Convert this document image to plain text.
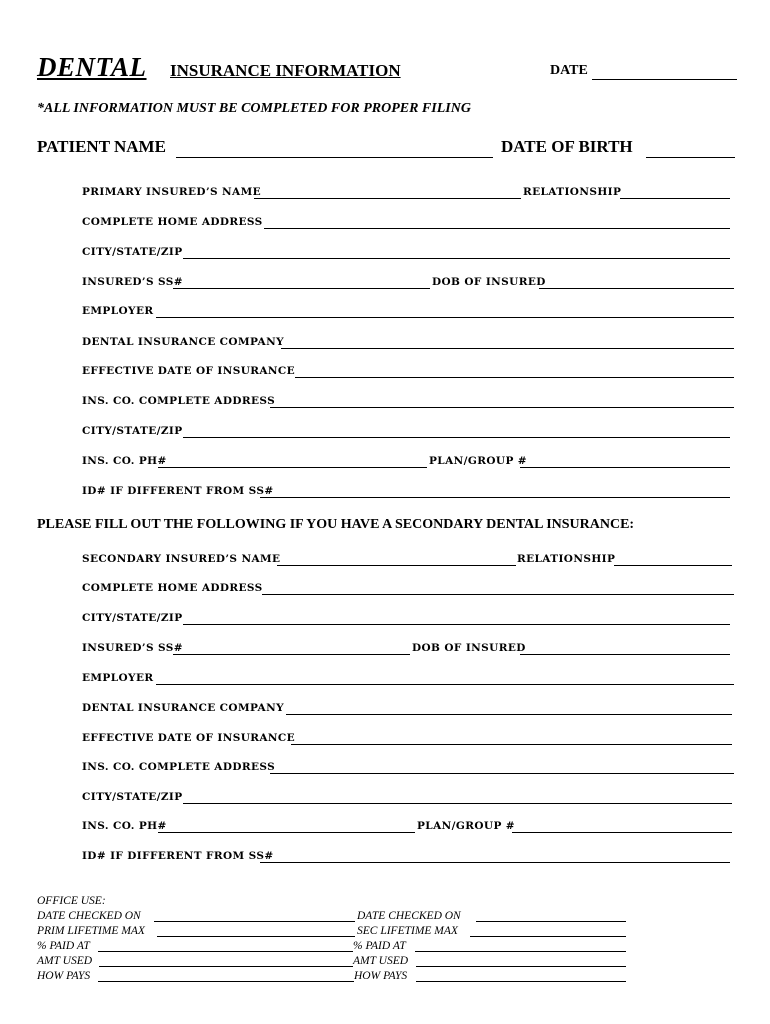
DENTAL INSURANCE INFORMATION	DATE
*ALL INFORMATION MUST BE COMPLETED FOR PROPER FILING
PATIENT NAME	DATE OF BIRTH
PRIMARY INSURED’S NAME	RELATIONSHIP
COMPLETE HOME ADDRESS
CITY/STATE/ZIP
INSURED’S SS#	DOB OF INSURED
EMPLOYER
DENTAL INSURANCE COMPANY
EFFECTIVE DATE OF INSURANCE
INS. CO. COMPLETE ADDRESS
CITY/STATE/ZIP
INS. CO. PH#	PLAN/GROUP #
ID# IF DIFFERENT FROM SS#
PLEASE FILL OUT THE FOLLOWING IF YOU HAVE A SECONDARY DENTAL INSURANCE:
SECONDARY INSURED’S NAME	RELATIONSHIP
COMPLETE HOME ADDRESS
CITY/STATE/ZIP
INSURED’S SS#	DOB OF INSURED
EMPLOYER
DENTAL INSURANCE COMPANY
EFFECTIVE DATE OF INSURANCE
INS. CO. COMPLETE ADDRESS
CITY/STATE/ZIP
INS. CO. PH#	PLAN/GROUP #
ID# IF DIFFERENT FROM SS#
OFFICE USE:
DATE CHECKED ON	DATE CHECKED ON
PRIM LIFETIME MAX	SEC LIFETIME MAX
% PAID AT	% PAID AT
AMT USED	AMT USED
HOW PAYS	HOW PAYS
